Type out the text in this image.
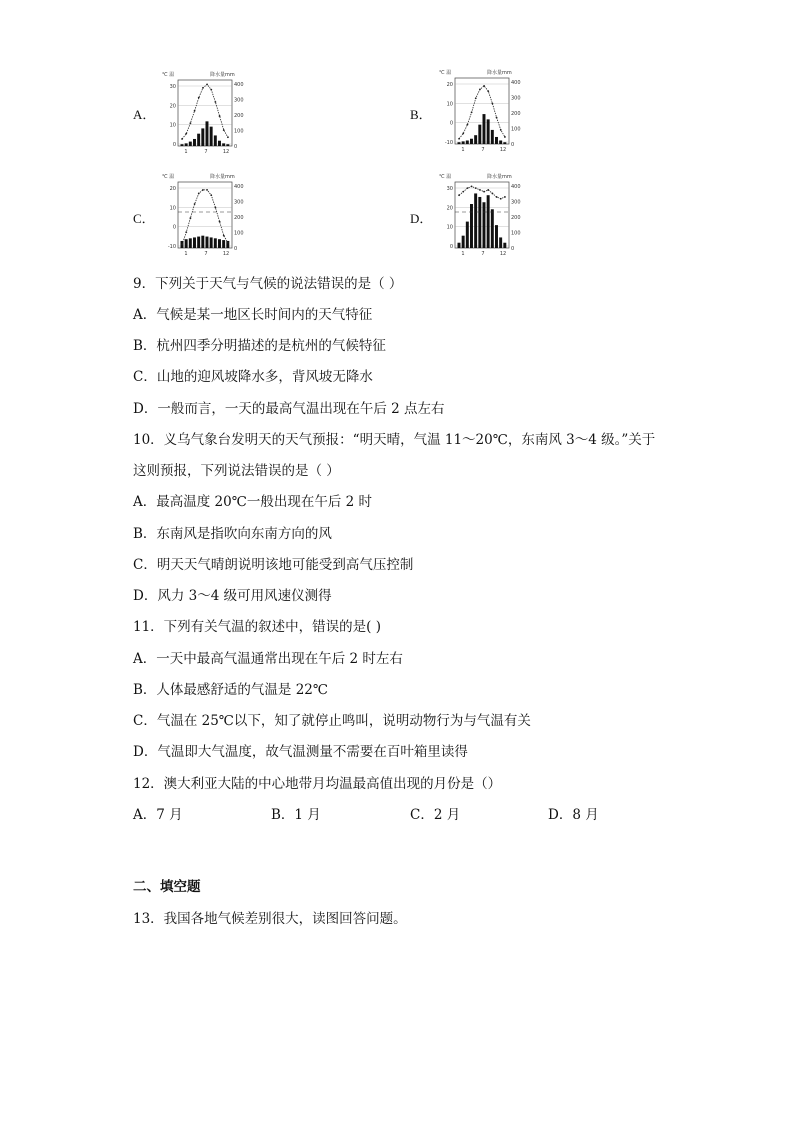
A．
℃ 温	降水量mm
30
20
10
0
400
300
200
100
0
1	7	12
B．
℃ 温	降水量mm
20
10
0
-10
400
300
200
100
0
1	7	12
C．
℃ 温	降水量mm
20
10
0
-10
400
300
200
100
0
1	7	12
D．
℃ 温	降水量mm
30
20
10
0
400
300
200
100
0
1	7	12
9．下列关于天气与气候的说法错误的是（ ）
A．气候是某一地区长时间内的天气特征
B．杭州四季分明描述的是杭州的气候特征
C．山地的迎风坡降水多，背风坡无降水
D．一般而言，一天的最高气温出现在午后 2 点左右
10．义乌气象台发明天的天气预报：“明天晴，气温 11～20℃，东南风 3～4 级。”关于
这则预报，下列说法错误的是（ ）
A．最高温度 20℃一般出现在午后 2 时
B．东南风是指吹向东南方向的风
C．明天天气晴朗说明该地可能受到高气压控制
D．风力 3～4 级可用风速仪测得
11．下列有关气温的叙述中，错误的是( )
A．一天中最高气温通常出现在午后 2 时左右
B．人体最感舒适的气温是 22℃
C．气温在 25℃以下，知了就停止鸣叫，说明动物行为与气温有关
D．气温即大气温度，故气温测量不需要在百叶箱里读得
12．澳大利亚大陆的中心地带月均温最高值出现的月份是（）
A．7 月	B．1 月	C．2 月	D．8 月
二、填空题
13．我国各地气候差别很大，读图回答问题。
